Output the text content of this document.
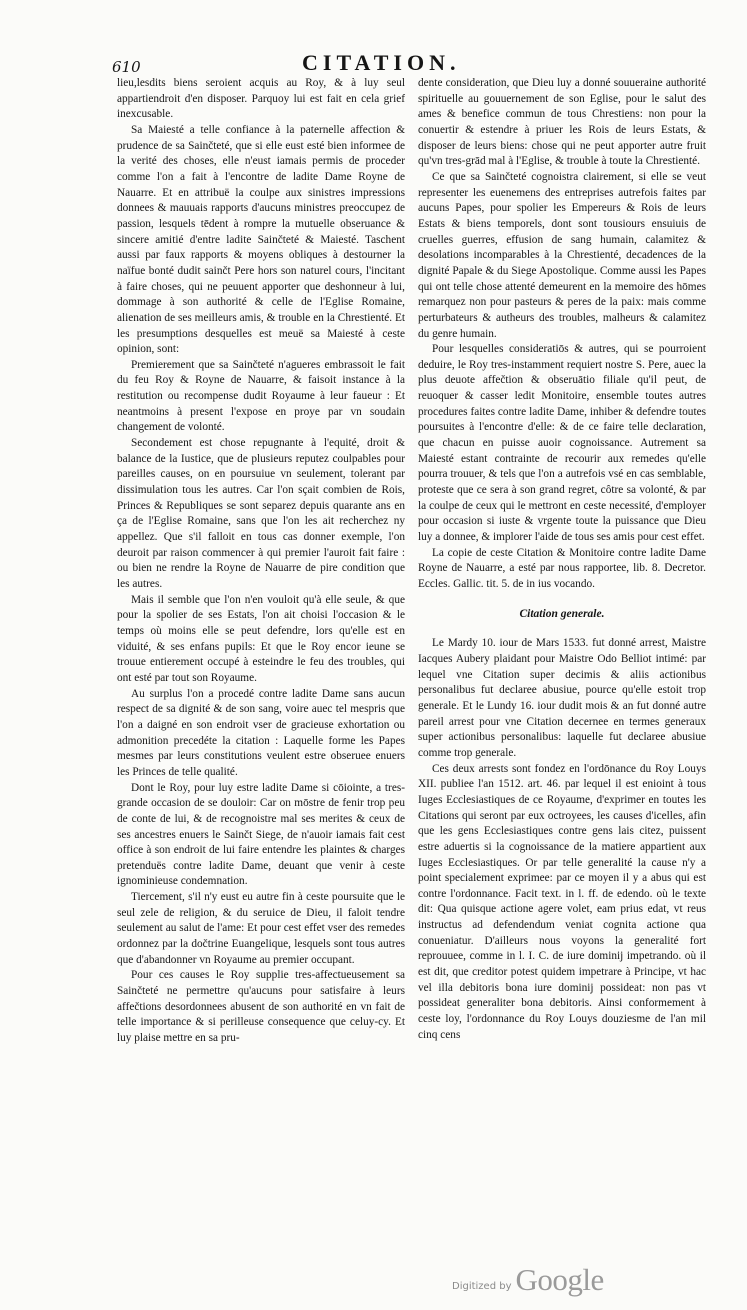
610	CITATION.

lieu,lesdits biens seroient acquis au Roy, & à luy seul appartiendroit d'en disposer. Parquoy lui est fait en cela grief inexcusable.

Sa Maiesté a telle confiance à la paternelle affection & prudence de sa Sainčteté, que si elle eust esté bien informee de la verité des choses, elle n'eust iamais permis de proceder comme l'on a fait à l'encontre de ladite Dame Royne de Nauarre. Et en attribuë la coulpe aux sinistres impressions donnees & mauuais rapports d'aucuns ministres preoccupez de passion, lesquels tēdent à rompre la mutuelle obseruance & sincere amitié d'entre ladite Sainčteté & Maiesté. Taschent aussi par faux rapports & moyens obliques à destourner la naïfue bonté dudit sainčt Pere hors son naturel cours, l'incitant à faire choses, qui ne peuuent apporter que deshonneur à lui, dommage à son authorité & celle de l'Eglise Romaine, alienation de ses meilleurs amis, & trouble en la Chrestienté. Et les presumptions desquelles est meuë sa Maiesté à ceste opinion, sont:

Premierement que sa Sainčteté n'agueres embrassoit le fait du feu Roy & Royne de Nauarre, & faisoit instance à la restitution ou recompense dudit Royaume à leur faueur : Et neantmoins à present l'expose en proye par vn soudain changement de volonté.

Secondement est chose repugnante à l'equité, droit & balance de la Iustice, que de plusieurs reputez coulpables pour pareilles causes, on en poursuiue vn seulement, tolerant par dissimulation tous les autres. Car l'on sçait combien de Rois, Princes & Republiques se sont separez depuis quarante ans en ça de l'Eglise Romaine, sans que l'on les ait recherchez ny appellez. Que s'il falloit en tous cas donner exemple, l'on deuroit par raison commencer à qui premier l'auroit fait faire : ou bien ne rendre la Royne de Nauarre de pire condition que les autres.

Mais il semble que l'on n'en vouloit qu'à elle seule, & que pour la spolier de ses Estats, l'on ait choisi l'occasion & le temps où moins elle se peut defendre, lors qu'elle est en viduité, & ses enfans pupils: Et que le Roy encor ieune se trouue entierement occupé à esteindre le feu des troubles, qui ont esté par tout son Royaume.

Au surplus l'on a procedé contre ladite Dame sans aucun respect de sa dignité & de son sang, voire auec tel mespris que l'on a daigné en son endroit vser de gracieuse exhortation ou admonition precedéte la citation : Laquelle forme les Papes mesmes par leurs constitutions veulent estre obseruee enuers les Princes de telle qualité.

Dont le Roy, pour luy estre ladite Dame si cōiointe, a tres-grande occasion de se douloir: Car on mōstre de fenir trop peu de conte de lui, & de recognoistre mal ses merites & ceux de ses ancestres enuers le Sainčt Siege, de n'auoir iamais fait cest office à son endroit de lui faire entendre les plaintes & charges pretenduës contre ladite Dame, deuant que venir à ceste ignominieuse condemnation.

Tiercement, s'il n'y eust eu autre fin à ceste poursuite que le seul zele de religion, & du seruice de Dieu, il faloit tendre seulement au salut de l'ame: Et pour cest effet vser des remedes ordonnez par la dočtrine Euangelique, lesquels sont tous autres que d'abandonner vn Royaume au premier occupant.

Pour ces causes le Roy supplie tres-affectueusement sa Sainčteté ne permettre qu'aucuns pour satisfaire à leurs affečtions desordonnees abusent de son authorité en vn fait de telle importance & si perilleuse consequence que celuy-cy. Et luy plaise mettre en sa pru-

dente consideration, que Dieu luy a donné souueraine authorité spirituelle au gouuernement de son Eglise, pour le salut des ames & benefice commun de tous Chrestiens: non pour la conuertir & estendre à priuer les Rois de leurs Estats, & disposer de leurs biens: chose qui ne peut apporter autre fruit qu'vn tres-grād mal à l'Eglise, & trouble à toute la Chrestienté.

Ce que sa Sainčteté cognoistra clairement, si elle se veut representer les euenemens des entreprises autrefois faites par aucuns Papes, pour spolier les Empereurs & Rois de leurs Estats & biens temporels, dont sont tousiours ensuiuis de cruelles guerres, effusion de sang humain, calamitez & desolations incomparables à la Chrestienté, decadences de la dignité Papale & du Siege Apostolique. Comme aussi les Papes qui ont telle chose attenté demeurent en la memoire des hōmes remarquez non pour pasteurs & peres de la paix: mais comme perturbateurs & autheurs des troubles, malheurs & calamitez du genre humain.

Pour lesquelles consideratiōs & autres, qui se pourroient deduire, le Roy tres-instamment requiert nostre S. Pere, auec la plus deuote affečtion & obseruātio filiale qu'il peut, de reuoquer & casser ledit Monitoire, ensemble toutes autres procedures faites contre ladite Dame, inhiber & defendre toutes poursuites à l'encontre d'elle: & de ce faire telle declaration, que chacun en puisse auoir cognoissance. Autrement sa Maiesté estant contrainte de recourir aux remedes qu'elle pourra trouuer, & tels que l'on a autrefois vsé en cas semblable, proteste que ce sera à son grand regret, côtre sa volonté, & par la coulpe de ceux qui le mettront en ceste necessité, d'employer pour occasion si iuste & vrgente toute la puissance que Dieu luy a donnee, & implorer l'aide de tous ses amis pour cest effet.

La copie de ceste Citation & Monitoire contre ladite Dame Royne de Nauarre, a esté par nous rapportee, lib. 8. Decretor. Eccles. Gallic. tit. 5. de in ius vocando.

Citation generale.

Le Mardy 10. iour de Mars 1533. fut donné arrest, Maistre Iacques Aubery plaidant pour Maistre Odo Belliot intimé: par lequel vne Citation super decimis & aliis actionibus personalibus fut declaree abusiue, pource qu'elle estoit trop generale. Et le Lundy 16. iour dudit mois & an fut donné autre pareil arrest pour vne Citation decernee en termes generaux super actionibus personalibus: laquelle fut declaree abusiue comme trop generale.

Ces deux arrests sont fondez en l'ordōnance du Roy Louys XII. publiee l'an 1512. art. 46. par lequel il est enioint à tous Iuges Ecclesiastiques de ce Royaume, d'exprimer en toutes les Citations qui seront par eux octroyees, les causes d'icelles, afin que les gens Ecclesiastiques contre gens lais citez, puissent estre aduertis si la cognoissance de la matiere appartient aux Iuges Ecclesiastiques. Or par telle generalité la cause n'y a point specialement exprimee: par ce moyen il y a abus qui est contre l'ordonnance. Facit text. in l. ff. de edendo. où le texte dit: Qua quisque actione agere volet, eam prius edat, vt reus instructus ad defendendum veniat cognita actione qua conueniatur. D'ailleurs nous voyons la generalité fort reprouuee, comme in l. I. C. de iure dominij impetrando. où il est dit, que creditor potest quidem impetrare à Principe, vt hac vel illa debitoris bona iure dominij possideat: non pas vt possideat generaliter bona debitoris. Ainsi conformement à ceste loy, l'ordonnance du Roy Louys douziesme de l'an mil cinq cens

Digitized by Google
